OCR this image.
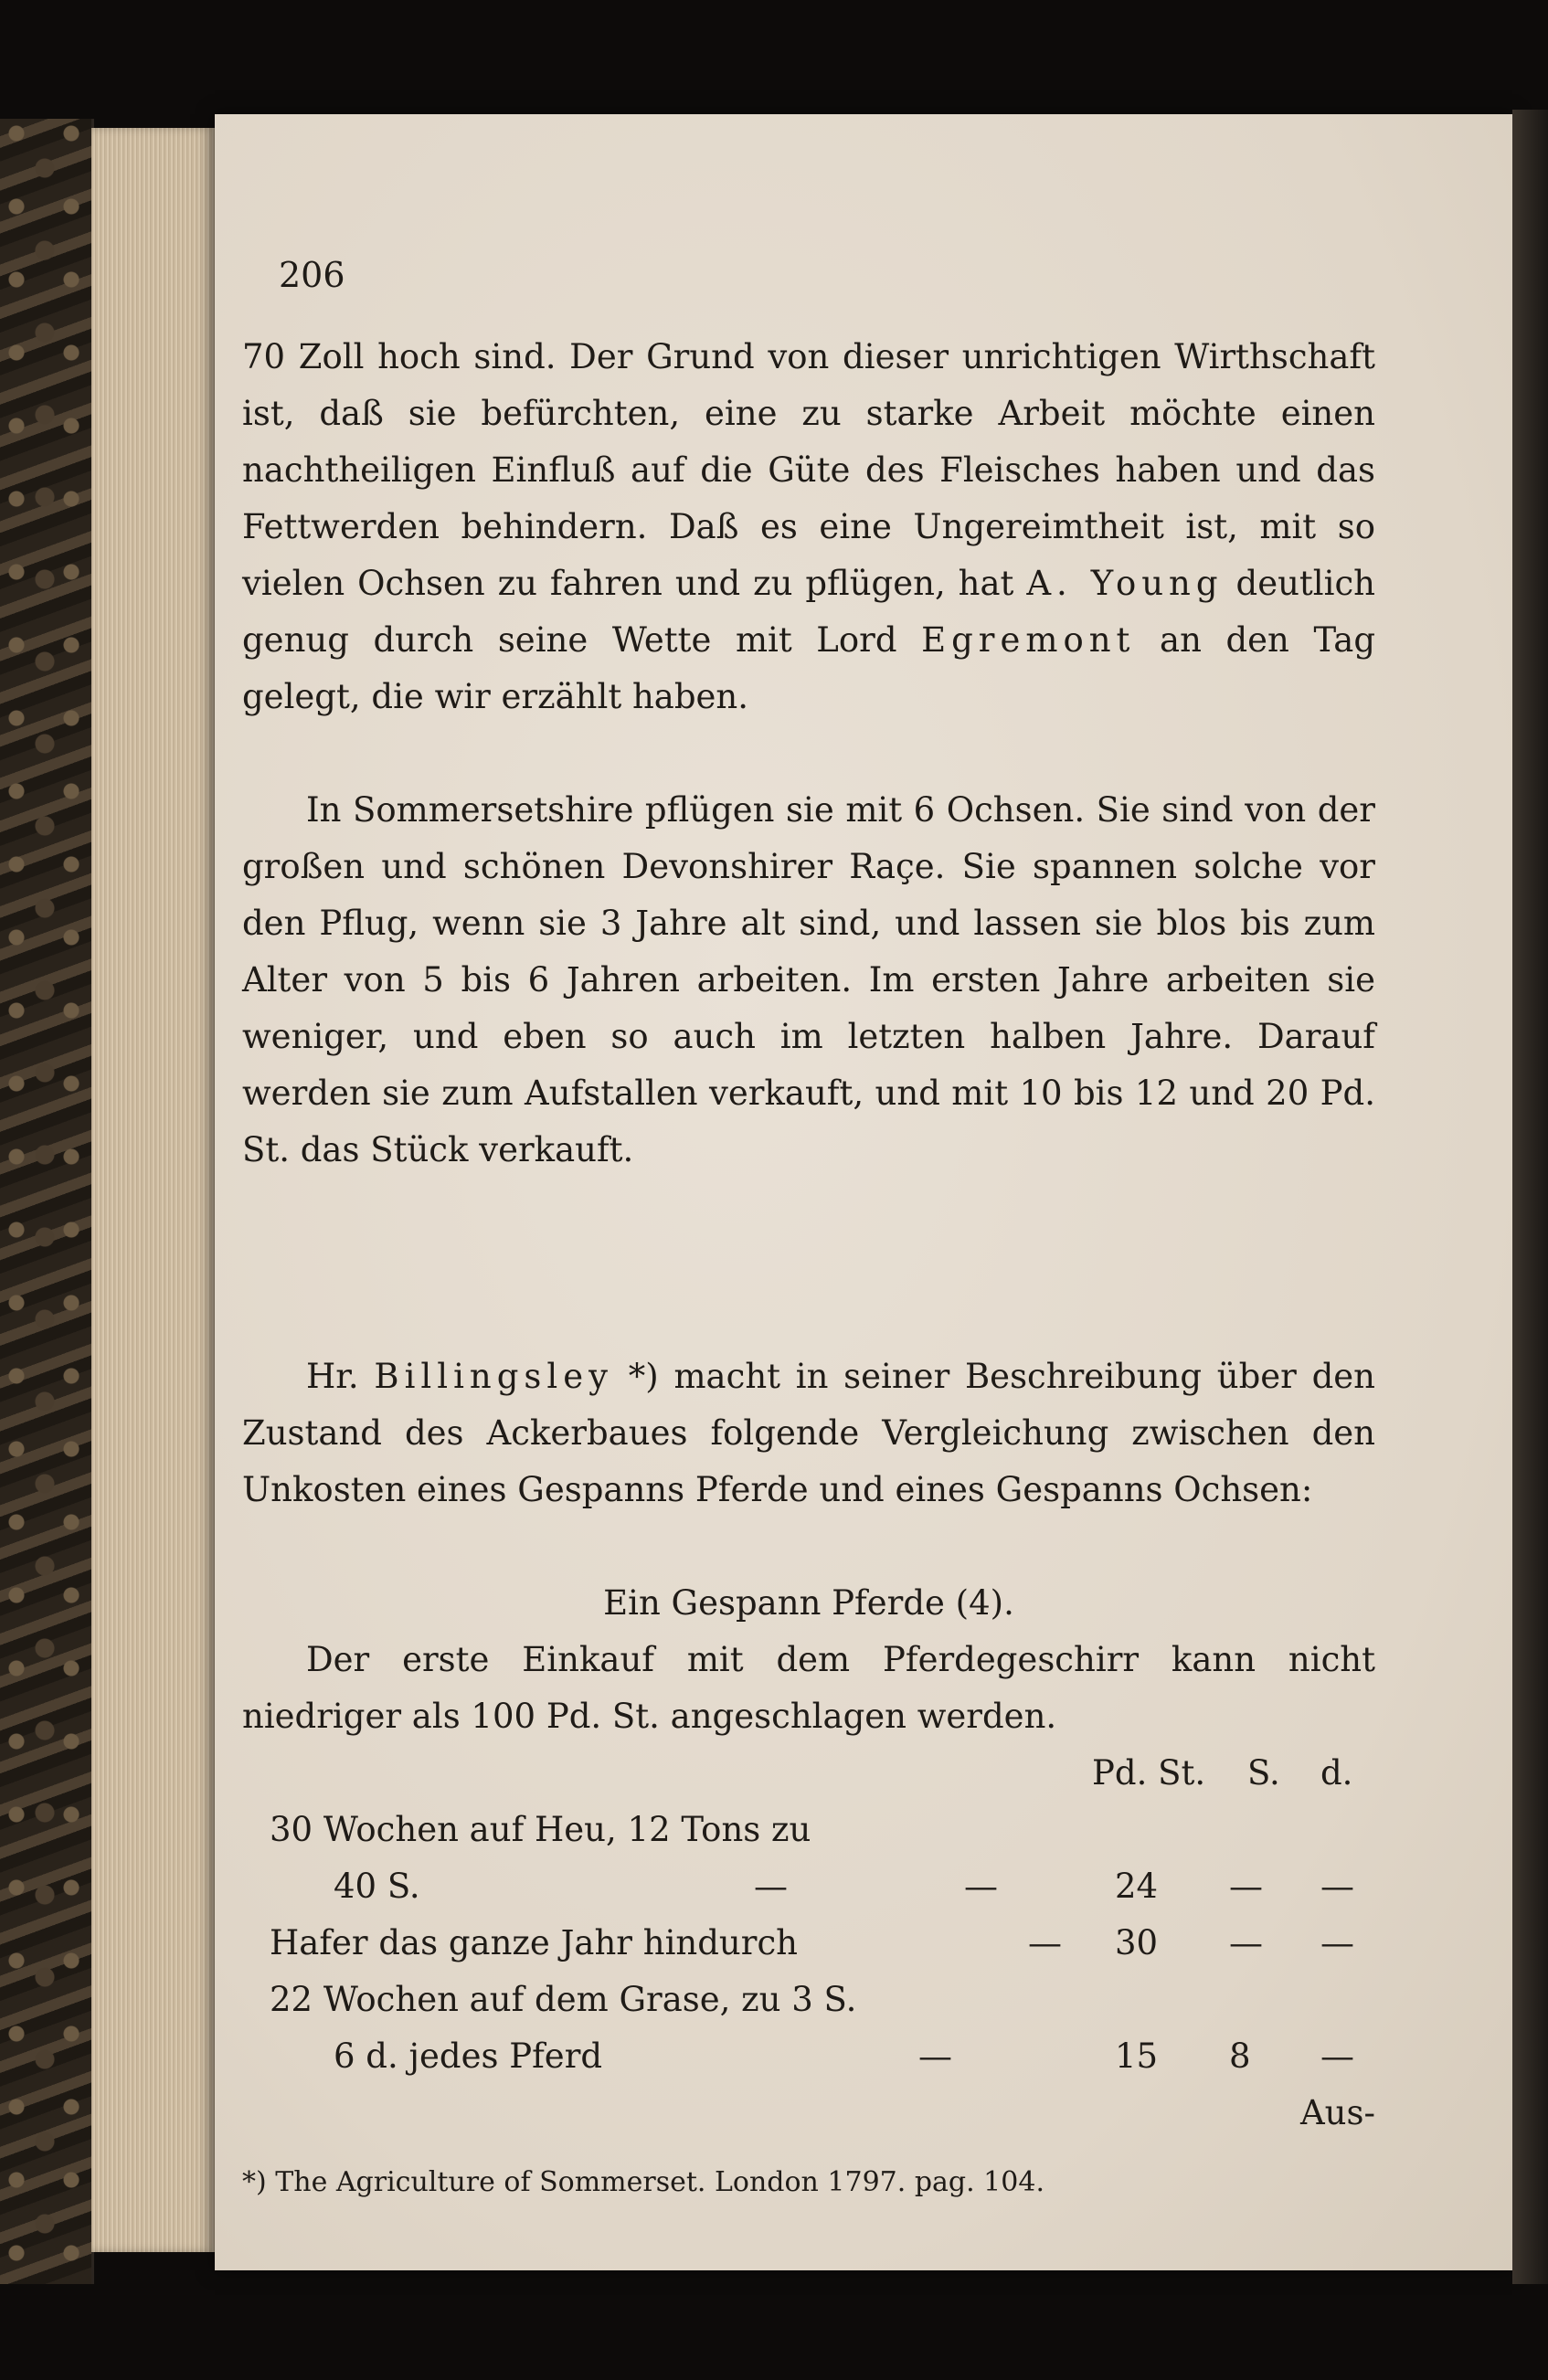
206
70 Zoll hoch sind. Der Grund von dieser unrichtigen Wirthschaft ist, daß sie befürchten, eine zu starke Arbeit möchte einen nachtheiligen Einfluß auf die Güte des Fleisches haben und das Fettwerden behindern. Daß es eine Ungereimtheit ist, mit so vielen Ochsen zu fahren und zu pflügen, hat A. Young deutlich genug durch seine Wette mit Lord Egremont an den Tag gelegt, die wir erzählt haben.
In Sommersetshire pflügen sie mit 6 Ochsen. Sie sind von der großen und schönen Devonshirer Raçe. Sie spannen solche vor den Pflug, wenn sie 3 Jahre alt sind, und lassen sie blos bis zum Alter von 5 bis 6 Jahren arbeiten. Im ersten Jahre arbeiten sie weniger, und eben so auch im letzten halben Jahre. Darauf werden sie zum Aufstallen verkauft, und mit 10 bis 12 und 20 Pd. St. das Stück verkauft.
Hr. Billingsley *) macht in seiner Beschreibung über den Zustand des Ackerbaues folgende Vergleichung zwischen den Unkosten eines Gespanns Pferde und eines Gespanns Ochsen:
Ein Gespann Pferde (4).
Der erste Einkauf mit dem Pferdegeschirr kann nicht niedriger als 100 Pd. St. angeschlagen werden.
Pd. St. S. d.
30 Wochen auf Heu, 12 Tons zu
40 S.	—	—	24 — —
Hafer das ganze Jahr hindurch	— 30 — —
22 Wochen auf dem Grase, zu 3 S.
6 d. jedes Pferd	—	15 8 —
Aus-
*) The Agriculture of Sommerset. London 1797. pag. 104.
